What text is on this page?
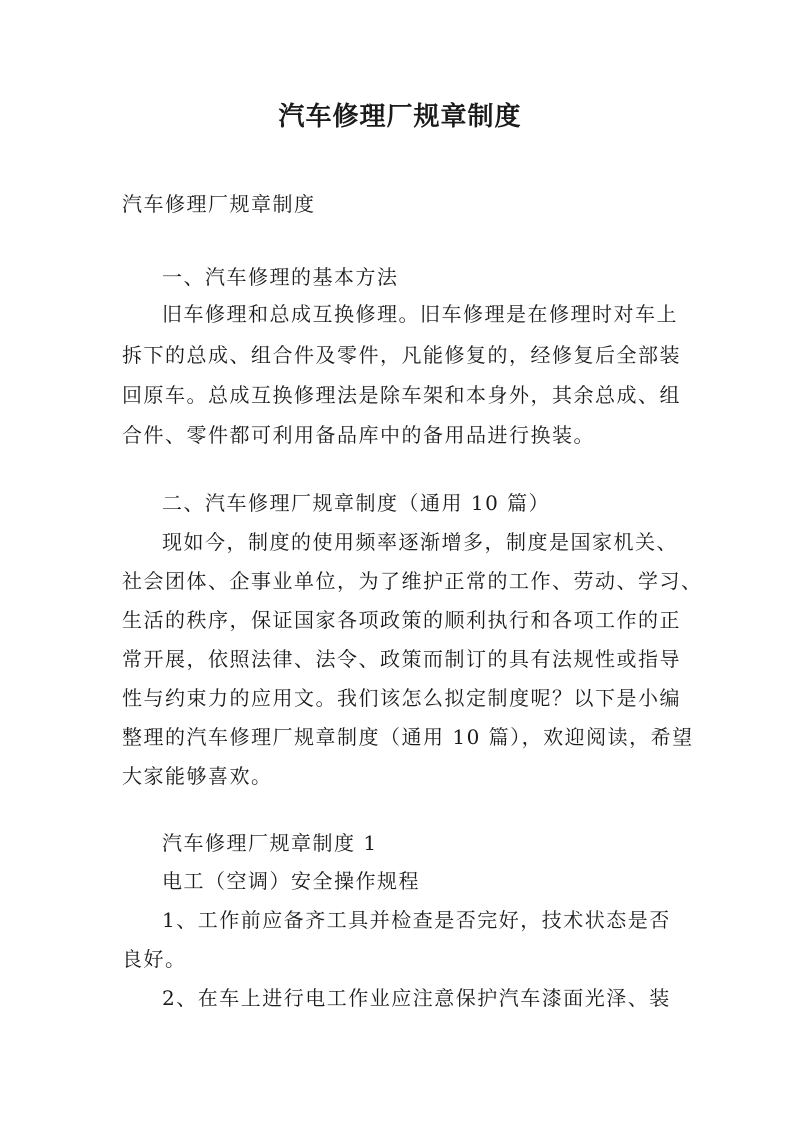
汽车修理厂规章制度
汽车修理厂规章制度
一、汽车修理的基本方法
旧车修理和总成互换修理。旧车修理是在修理时对车上
拆下的总成、组合件及零件，凡能修复的，经修复后全部装
回原车。总成互换修理法是除车架和本身外，其余总成、组
合件、零件都可利用备品库中的备用品进行换装。
二、汽车修理厂规章制度（通用 10 篇）
现如今，制度的使用频率逐渐增多，制度是国家机关、
社会团体、企事业单位，为了维护正常的工作、劳动、学习、
生活的秩序，保证国家各项政策的顺利执行和各项工作的正
常开展，依照法律、法令、政策而制订的具有法规性或指导
性与约束力的应用文。我们该怎么拟定制度呢？以下是小编
整理的汽车修理厂规章制度（通用 10 篇），欢迎阅读，希望
大家能够喜欢。
汽车修理厂规章制度 1
电工（空调）安全操作规程
1、工作前应备齐工具并检查是否完好，技术状态是否
良好。
2、在车上进行电工作业应注意保护汽车漆面光泽、装
